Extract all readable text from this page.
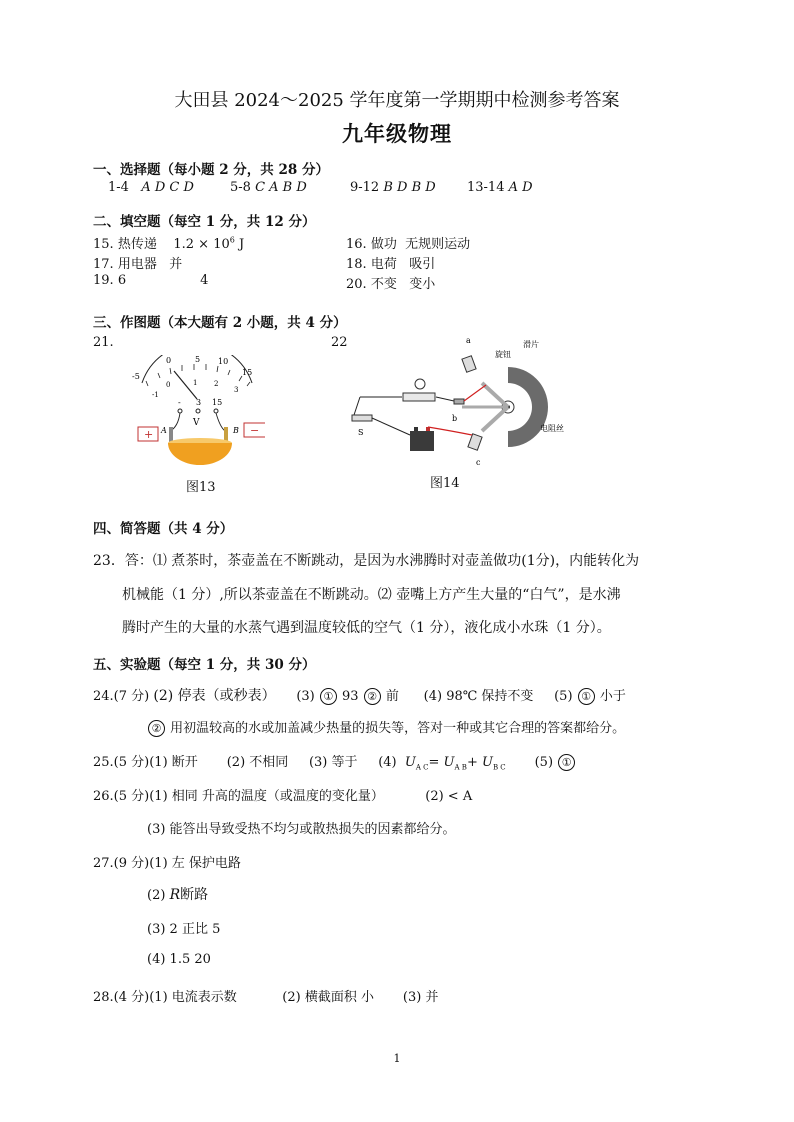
大田县 2024～2025 学年度第一学期期中检测参考答案
九年级物理
一、选择题（每小题 2 分，共 28 分）
1-4 A D C D	5-8 C A B D	9-12 B D B D 13-14 A D
二、填空题（每空 1 分，共 12 分）
15. 热传递 $1.2 \times 10^6$ J	16. 做功 无规则运动
17. 用电器 并	18. 电荷 吸引
19. 6	4	20. 不变 变小
三、作图题（本大题有 2 小题，共 4 分）
21.	22
0	5 10
15
-5
0	1 2
3
-1
- 3 15
V
+	−
A	B
图13
a
旋钮
滑片
b
电阻丝
c
S
图14
四、简答题（共 4 分）
23．答：⑴ 煮茶时，茶壶盖在不断跳动，是因为水沸腾时对壶盖做功(1分)，内能转化为
机械能（1 分）,所以茶壶盖在不断跳动。⑵ 壶嘴上方产生大量的“白气”，是水沸
腾时产生的大量的水蒸气遇到温度较低的空气（1 分），液化成小水珠（1 分）。
五、实验题（每空 1 分，共 30 分）
24.(7 分) (2) 停表（或秒表） (3) ① 93 ② 前 (4) 98℃ 保持不变 (5) ① 小于
② 用初温较高的水或加盖减少热量的损失等，答对一种或其它合理的答案都给分。
25.(5 分)(1) 断开 (2) 不相同 (3) 等于 (4) $U_{A C}= U_{A B}+ U_{B C}$ (5) ①
26.(5 分)(1) 相同 升高的温度（或温度的变化量）	(2) < A
(3) 能答出导致受热不均匀或散热损失的因素都给分。
27.(9 分)(1) 左 保护电路
(2) R断路
(3) 2 正比 5
(4) 1.5 20
28.(4 分)(1) 电流表示数	(2) 横截面积 小 (3) 并
1
